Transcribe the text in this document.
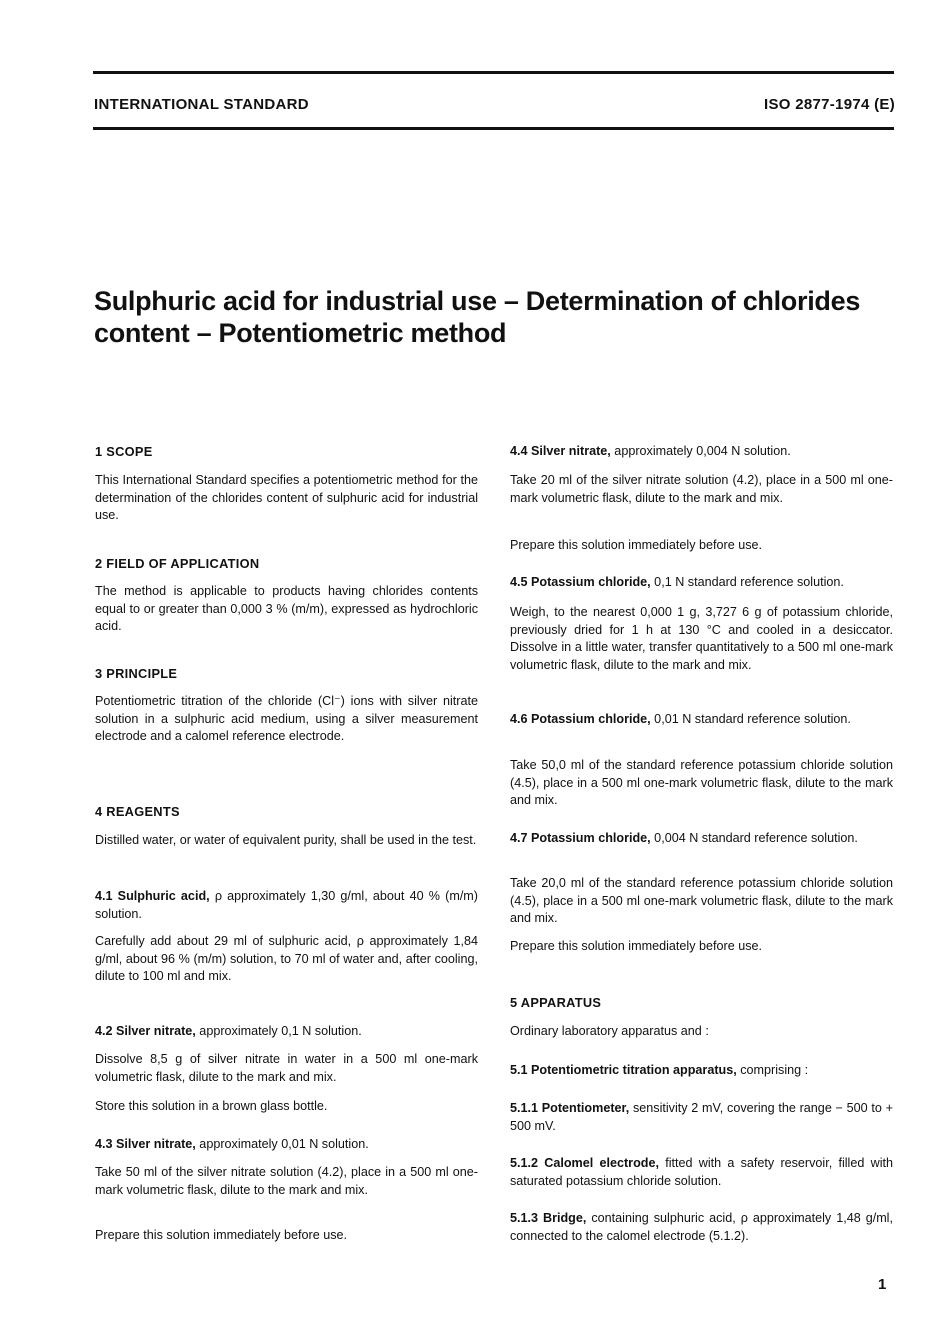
INTERNATIONAL STANDARD	ISO 2877-1974 (E)
Sulphuric acid for industrial use – Determination of chlorides
content – Potentiometric method

1 SCOPE

This International Standard specifies a potentiometric method for the determination of the chlorides content of sulphuric acid for industrial use.

2 FIELD OF APPLICATION

The method is applicable to products having chlorides contents equal to or greater than 0,000 3 % (m/m), expressed as hydrochloric acid.

3 PRINCIPLE

Potentiometric titration of the chloride (Cl⁻) ions with silver nitrate solution in a sulphuric acid medium, using a silver measurement electrode and a calomel reference electrode.

4 REAGENTS

Distilled water, or water of equivalent purity, shall be used in the test.

4.1 Sulphuric acid, ρ approximately 1,30 g/ml, about 40 % (m/m) solution.

Carefully add about 29 ml of sulphuric acid, ρ approximately 1,84 g/ml, about 96 % (m/m) solution, to 70 ml of water and, after cooling, dilute to 100 ml and mix.

4.2 Silver nitrate, approximately 0,1 N solution.

Dissolve 8,5 g of silver nitrate in water in a 500 ml one-mark volumetric flask, dilute to the mark and mix.

Store this solution in a brown glass bottle.

4.3 Silver nitrate, approximately 0,01 N solution.

Take 50 ml of the silver nitrate solution (4.2), place in a 500 ml one-mark volumetric flask, dilute to the mark and mix.

Prepare this solution immediately before use.

4.4 Silver nitrate, approximately 0,004 N solution.

Take 20 ml of the silver nitrate solution (4.2), place in a 500 ml one-mark volumetric flask, dilute to the mark and mix.

Prepare this solution immediately before use.

4.5 Potassium chloride, 0,1 N standard reference solution.

Weigh, to the nearest 0,000 1 g, 3,727 6 g of potassium chloride, previously dried for 1 h at 130 °C and cooled in a desiccator. Dissolve in a little water, transfer quantitatively to a 500 ml one-mark volumetric flask, dilute to the mark and mix.

4.6 Potassium chloride, 0,01 N standard reference solution.

Take 50,0 ml of the standard reference potassium chloride solution (4.5), place in a 500 ml one-mark volumetric flask, dilute to the mark and mix.

4.7 Potassium chloride, 0,004 N standard reference solution.

Take 20,0 ml of the standard reference potassium chloride solution (4.5), place in a 500 ml one-mark volumetric flask, dilute to the mark and mix.

Prepare this solution immediately before use.

5 APPARATUS

Ordinary laboratory apparatus and :

5.1 Potentiometric titration apparatus, comprising :

5.1.1 Potentiometer, sensitivity 2 mV, covering the range − 500 to + 500 mV.

5.1.2 Calomel electrode, fitted with a safety reservoir, filled with saturated potassium chloride solution.

5.1.3 Bridge, containing sulphuric acid, ρ approximately 1,48 g/ml, connected to the calomel electrode (5.1.2).

1
